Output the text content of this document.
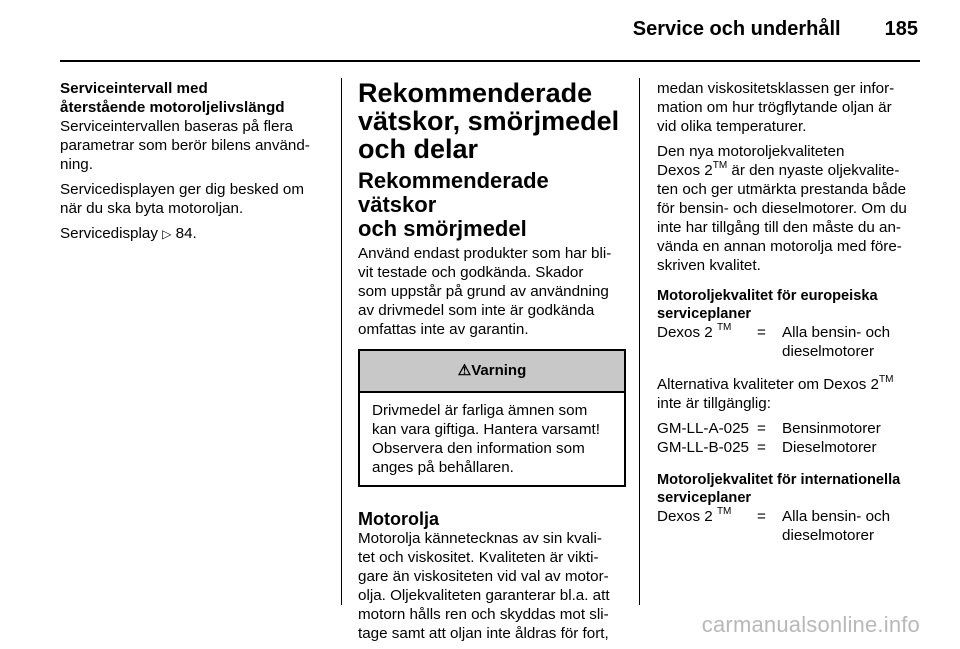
Service och underhåll 185
Serviceintervall med
återstående motoroljelivslängd

Serviceintervallen baseras på flera
parametrar som berör bilens använd-
ning.

Servicedisplayen ger dig besked om
när du ska byta motoroljan.

Servicedisplay ▷ 84.

Rekommenderade
vätskor, smörjmedel
och delar
Rekommenderade vätskor
och smörjmedel

Använd endast produkter som har bli-
vit testade och godkända. Skador
som uppstår på grund av användning
av drivmedel som inte är godkända
omfattas inte av garantin.

⚠Varning
Drivmedel är farliga ämnen som
kan vara giftiga. Hantera varsamt!
Observera den information som
anges på behållaren.
Motorolja

Motorolja kännetecknas av sin kvali-
tet och viskositet. Kvaliteten är vikti-
gare än viskositeten vid val av motor-
olja. Oljekvaliteten garanterar bl.a. att
motorn hålls ren och skyddas mot sli-
tage samt att oljan inte åldras för fort,

medan viskositetsklassen ger infor-
mation om hur trögflytande oljan är
vid olika temperaturer.

Den nya motoroljekvaliteten
Dexos 2™ är den nyaste oljekvalite-
ten och ger utmärkta prestanda både
för bensin- och dieselmotorer. Om du
inte har tillgång till den måste du an-
vända en annan motorolja med före-
skriven kvalitet.

Motoroljekvalitet för europeiska
serviceplaner
Dexos 2 ™	=	Alla bensin- och
dieselmotorer

Alternativa kvaliteter om Dexos 2™
inte är tillgänglig:

GM-LL-A-025 =	Bensinmotorer
GM-LL-B-025 =	Dieselmotorer
Motoroljekvalitet för internationella
serviceplaner
Dexos 2 ™	=	Alla bensin- och
dieselmotorer
carmanualsonline.info
